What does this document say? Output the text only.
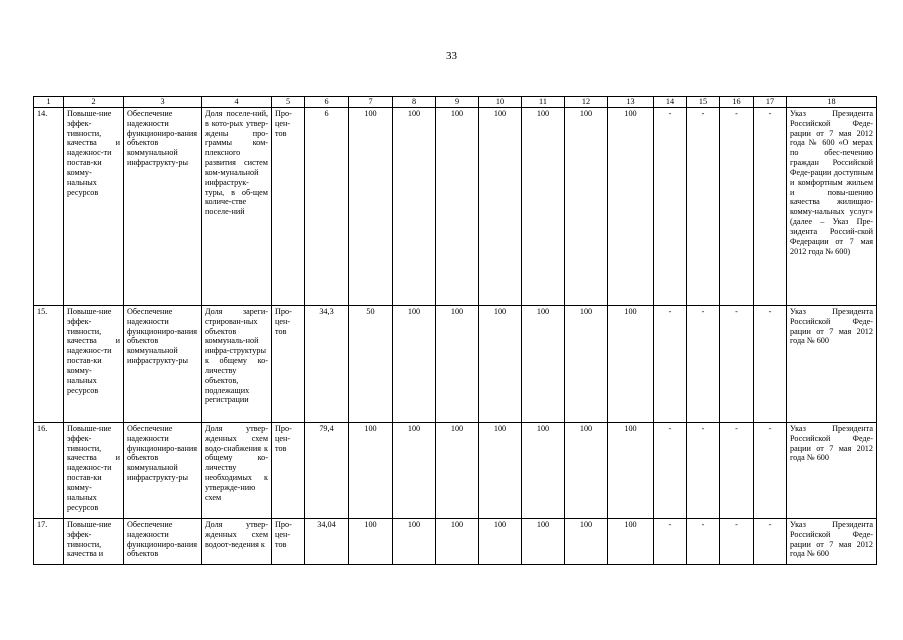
33
1	2	3	4	5	6	7	8	9	10	11	12	13	14	15	16	17	18
14.	Повыше-ние эффек-тивности, качества и надежнос-ти постав-ки комму-нальных ресурсов	Обеспечение надежности функциониро-вания объектов коммунальной инфраструкту-ры	Доля поселе-ний, в кото-рых утвер-ждены про-граммы ком-плексного развития систем ком-мунальной инфраструк-туры, в об-щем количе-стве поселе-ний	Про-цен-тов	6	100	100	100	100	100	100	100	-	-	-	-	Указ Президента Российской Феде-рации от 7 мая 2012 года № 600 «О мерах по обес-печению граждан Российской Феде-рации доступным и комфортным жильем и повы-шению качества жилищно-комму-нальных услуг» (далее – Указ Пре-зидента Россий-ской Федерации от 7 мая 2012 года № 600)
15.	Повыше-ние эффек-тивности, качества и надежнос-ти постав-ки комму-нальных ресурсов	Обеспечение надежности функциониро-вания объектов коммунальной инфраструкту-ры	Доля зареги-стрирован-ных объектов коммуналь-ной инфра-структуры к общему ко-личеству объектов, подлежащих регистрации	Про-цен-тов	34,3	50	100	100	100	100	100	100	-	-	-	-	Указ Президента Российской Феде-рации от 7 мая 2012 года № 600
16.	Повыше-ние эффек-тивности, качества и надежнос-ти постав-ки комму-нальных ресурсов	Обеспечение надежности функциониро-вания объектов коммунальной инфраструкту-ры	Доля утвер-жденных схем водо-снабжения к общему ко-личеству необходимых к утвержде-нию схем	Про-цен-тов	79,4	100	100	100	100	100	100	100	-	-	-	-	Указ Президента Российской Феде-рации от 7 мая 2012 года № 600
17.	Повыше-ние эффек-тивности, качества и	Обеспечение надежности функциониро-вания объектов	Доля утвер-жденных схем водоот-ведения к	Про-цен-тов	34,04	100	100	100	100	100	100	100	-	-	-	-	Указ Президента Российской Феде-рации от 7 мая 2012 года № 600
